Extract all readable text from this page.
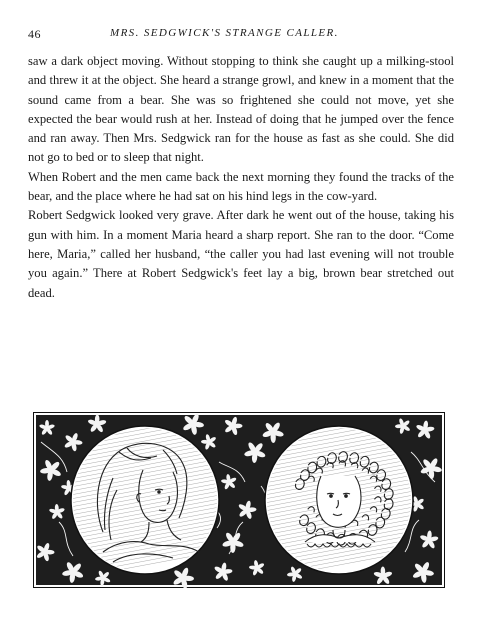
46	MRS. SEDGWICK'S STRANGE CALLER.

saw a dark object moving. Without stopping to think she caught up a milking-stool and threw it at the object. She heard a strange growl, and knew in a moment that the sound came from a bear. She was so frightened she could not move, yet she expected the bear would rush at her. Instead of doing that he jumped over the fence and ran away. Then Mrs. Sedgwick ran for the house as fast as she could. She did not go to bed or to sleep that night.

When Robert and the men came back the next morning they found the tracks of the bear, and the place where he had sat on his hind legs in the cow-yard.

Robert Sedgwick looked very grave. After dark he went out of the house, taking his gun with him. In a moment Maria heard a sharp report. She ran to the door. “Come here, Maria,” called her husband, “the caller you had last evening will not trouble you again.” There at Robert Sedgwick's feet lay a big, brown bear stretched out dead.
